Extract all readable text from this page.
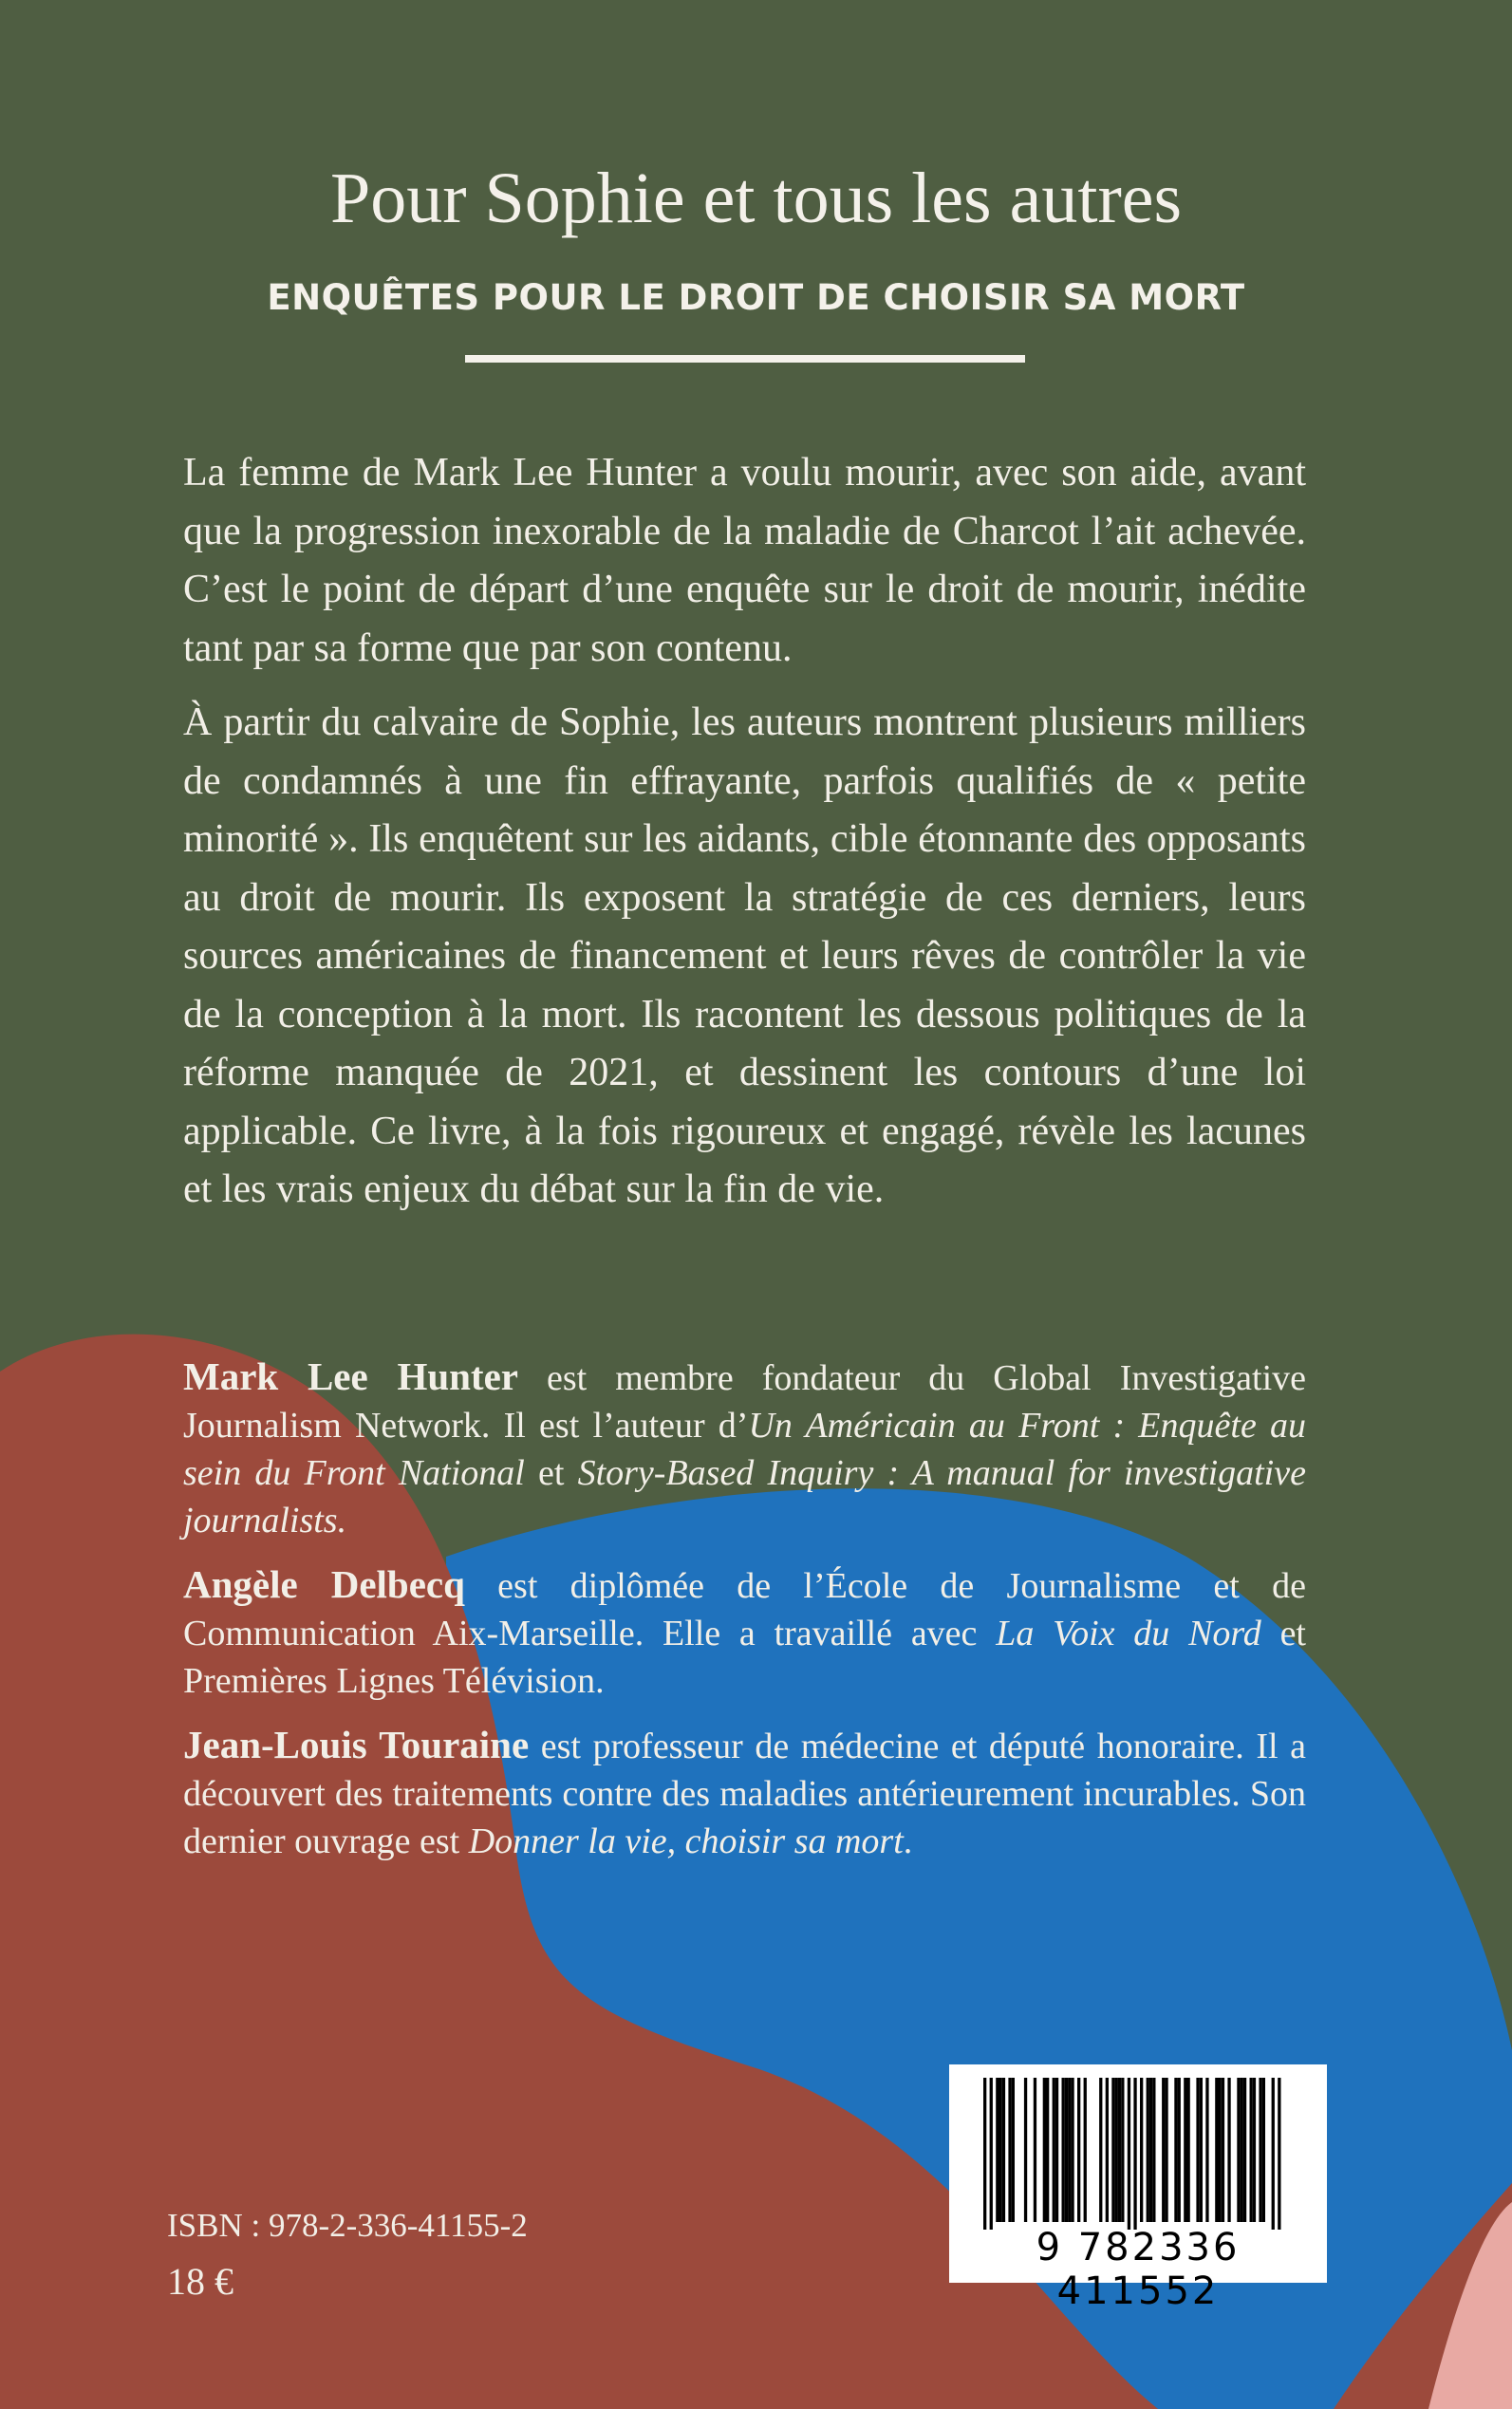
Pour Sophie et tous les autres
ENQUÊTES POUR LE DROIT DE CHOISIR SA MORT

La femme de Mark Lee Hunter a voulu mourir, avec son aide, avant que la progression inexorable de la maladie de Charcot l’ait achevée. C’est le point de départ d’une enquête sur le droit de mourir, inédite tant par sa forme que par son contenu.

À partir du calvaire de Sophie, les auteurs montrent plusieurs milliers de condamnés à une fin effrayante, parfois qualifiés de « petite minorité ». Ils enquêtent sur les aidants, cible étonnante des opposants au droit de mourir. Ils exposent la stratégie de ces derniers, leurs sources américaines de financement et leurs rêves de contrôler la vie de la conception à la mort. Ils racontent les dessous politiques de la réforme manquée de 2021, et dessinent les contours d’une loi applicable. Ce livre, à la fois rigoureux et engagé, révèle les lacunes et les vrais enjeux du débat sur la fin de vie.

Mark Lee Hunter est membre fondateur du Global Investigative Journalism Network. Il est l’auteur d’Un Américain au Front : Enquête au sein du Front National et Story-Based Inquiry : A manual for investigative journalists.

Angèle Delbecq est diplômée de l’École de Journalisme et de Communication Aix-Marseille. Elle a travaillé avec La Voix du Nord et Premières Lignes Télévision.

Jean-Louis Touraine est professeur de médecine et député honoraire. Il a découvert des traitements contre des maladies antérieurement incurables. Son dernier ouvrage est Donner la vie, choisir sa mort.

ISBN : 978-2-336-41155-2
18 €
9 782336 411552
